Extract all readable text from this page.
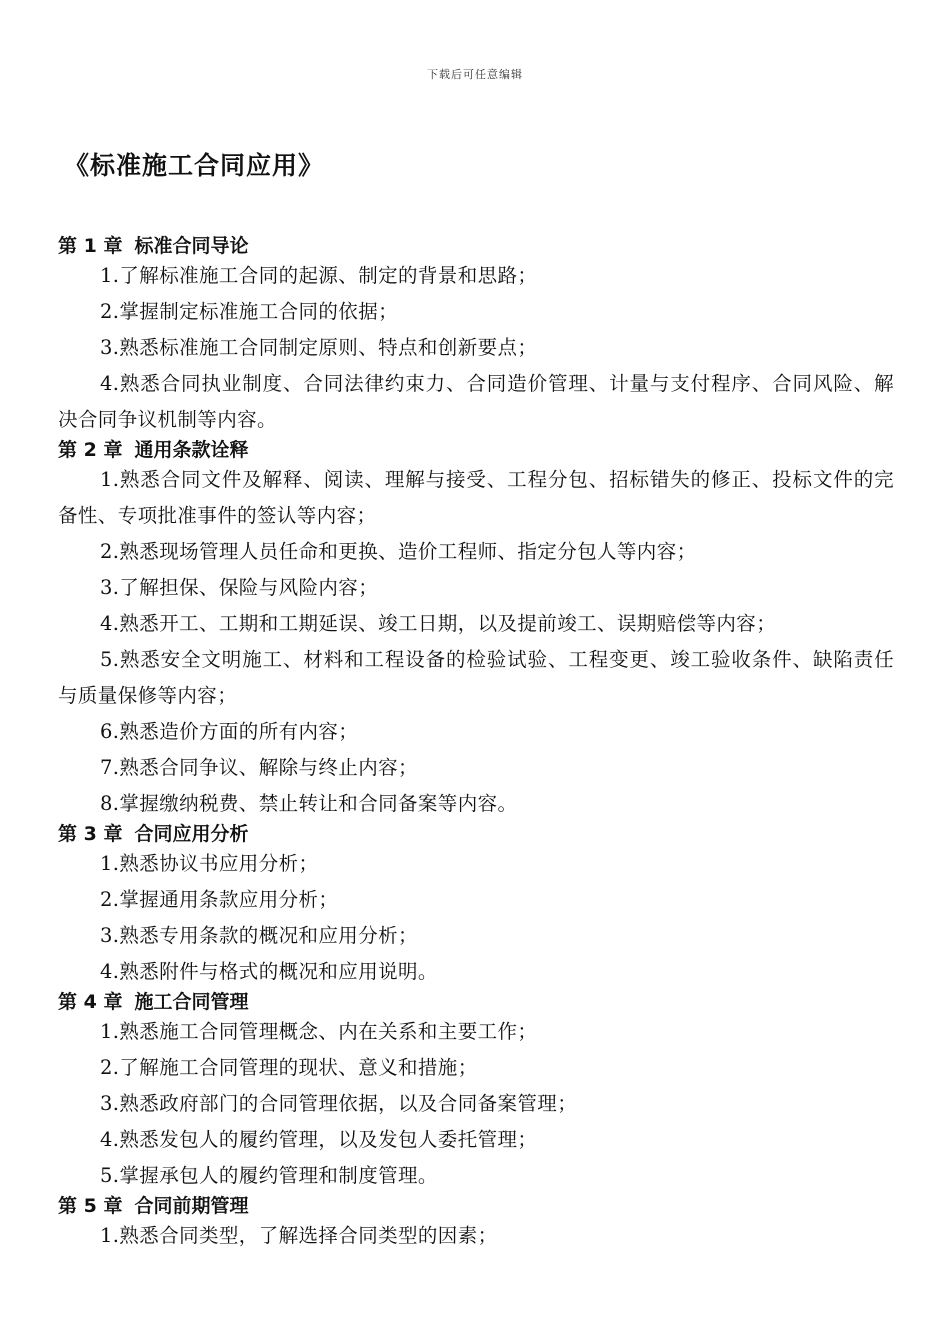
下载后可任意编辑
《标准施工合同应用》

第 1 章 标准合同导论

1.了解标准施工合同的起源、制定的背景和思路；

2.掌握制定标准施工合同的依据；

3.熟悉标准施工合同制定原则、特点和创新要点；

4.熟悉合同执业制度、合同法律约束力、合同造价管理、计量与支付程序、合同风险、解决合同争议机制等内容。

第 2 章 通用条款诠释

1.熟悉合同文件及解释、阅读、理解与接受、工程分包、招标错失的修正、投标文件的完备性、专项批准事件的签认等内容；

2.熟悉现场管理人员任命和更换、造价工程师、指定分包人等内容；

3.了解担保、保险与风险内容；

4.熟悉开工、工期和工期延误、竣工日期，以及提前竣工、误期赔偿等内容；

5.熟悉安全文明施工、材料和工程设备的检验试验、工程变更、竣工验收条件、缺陷责任与质量保修等内容；

6.熟悉造价方面的所有内容；

7.熟悉合同争议、解除与终止内容；

8.掌握缴纳税费、禁止转让和合同备案等内容。

第 3 章 合同应用分析

1.熟悉协议书应用分析；

2.掌握通用条款应用分析；

3.熟悉专用条款的概况和应用分析；

4.熟悉附件与格式的概况和应用说明。

第 4 章 施工合同管理

1.熟悉施工合同管理概念、内在关系和主要工作；

2.了解施工合同管理的现状、意义和措施；

3.熟悉政府部门的合同管理依据，以及合同备案管理；

4.熟悉发包人的履约管理，以及发包人委托管理；

5.掌握承包人的履约管理和制度管理。

第 5 章 合同前期管理

1.熟悉合同类型，了解选择合同类型的因素；
